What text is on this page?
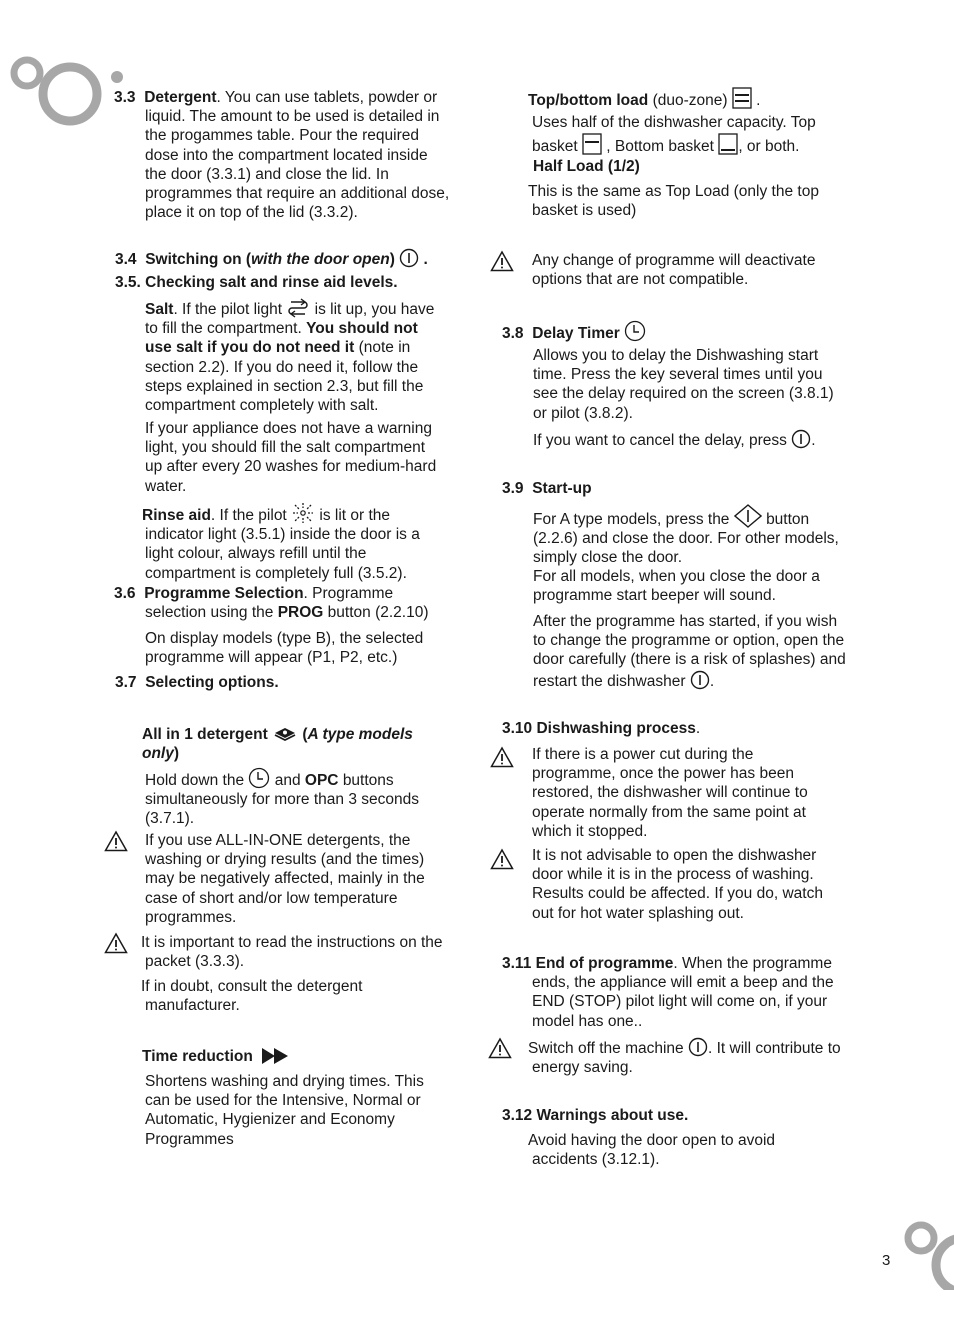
3.3 Detergent. You can use tablets, powder or liquid. The amount to be used is detailed in the progammes table. Pour the required dose into the compartment located inside the door (3.3.1) and close the lid. In programmes that require an additional dose, place it on top of the lid (3.3.2).

3.4 Switching on (with the door open) .

3.5. Checking salt and rinse aid levels.

Salt. If the pilot light is lit up, you have to fill the compartment. You should not use salt if you do not need it (note in section 2.2). If you do need it, follow the steps explained in section 2.3, but fill the compartment completely with salt.

If your appliance does not have a warning light, you should fill the salt compartment up after every 20 washes for medium-hard water.

Rinse aid. If the pilot is lit or the indicator light (3.5.1) inside the door is a light colour, always refill until the compartment is completely full (3.5.2).

3.6 Programme Selection. Programme selection using the PROG button (2.2.10)

On display models (type B), the selected programme will appear (P1, P2, etc.)

3.7 Selecting options.

All in 1 detergent (A type models only)

Hold down the and OPC buttons simultaneously for more than 3 seconds (3.7.1).

If you use ALL-IN-ONE detergents, the washing or drying results (and the times) may be negatively affected, mainly in the case of short and/or low temperature programmes.

It is important to read the instructions on the packet (3.3.3).

If in doubt, consult the detergent manufacturer.

Time reduction

Shortens washing and drying times. This can be used for the Intensive, Normal or Automatic, Hygienizer and Economy Programmes

Top/bottom load (duo-zone) .

Uses half of the dishwasher capacity. Top basket , Bottom basket , or both.

Half Load (1/2)

This is the same as Top Load (only the top basket is used)

Any change of programme will deactivate options that are not compatible.

3.8 Delay Timer

Allows you to delay the Dishwashing start time. Press the key several times until you see the delay required on the screen (3.8.1) or pilot (3.8.2).

If you want to cancel the delay, press .

3.9 Start-up

For A type models, press the button (2.2.6) and close the door. For other models, simply close the door.

For all models, when you close the door a programme start beeper will sound.

After the programme has started, if you wish to change the programme or option, open the door carefully (there is a risk of splashes) and restart the dishwasher .

3.10 Dishwashing process.

If there is a power cut during the programme, once the power has been restored, the dishwasher will continue to operate normally from the same point at which it stopped.

It is not advisable to open the dishwasher door while it is in the process of washing. Results could be affected. If you do, watch out for hot water splashing out.

3.11 End of programme. When the programme ends, the appliance will emit a beep and the END (STOP) pilot light will come on, if your model has one..

Switch off the machine . It will contribute to energy saving.

3.12 Warnings about use.

Avoid having the door open to avoid accidents (3.12.1).

3
